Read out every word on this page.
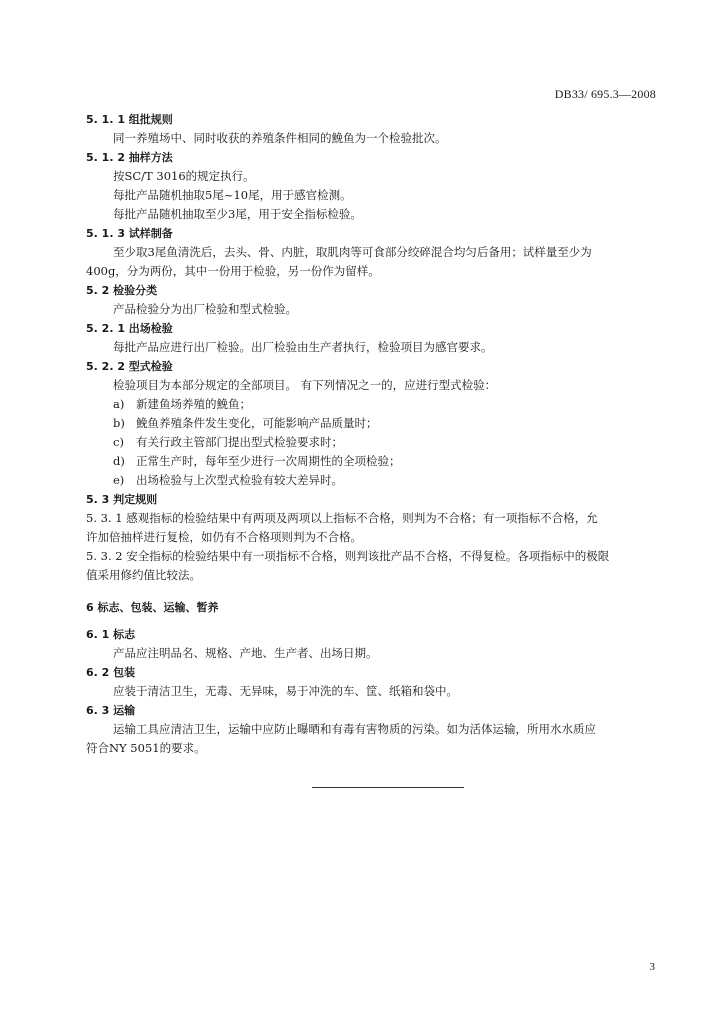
DB33/ 695.3—2008
5. 1. 1 组批规则
同一养殖场中、同时收获的养殖条件相同的鮸鱼为一个检验批次。
5. 1. 2 抽样方法
按SC/T 3016的规定执行。
每批产品随机抽取5尾~10尾，用于感官检测。
每批产品随机抽取至少3尾，用于安全指标检验。
5. 1. 3 试样制备
至少取3尾鱼清洗后，去头、骨、内脏，取肌肉等可食部分绞碎混合均匀后备用；试样量至少为
400g，分为两份，其中一份用于检验，另一份作为留样。
5. 2 检验分类
产品检验分为出厂检验和型式检验。
5. 2. 1 出场检验
每批产品应进行出厂检验。出厂检验由生产者执行，检验项目为感官要求。
5. 2. 2 型式检验
检验项目为本部分规定的全部项目。 有下列情况之一的，应进行型式检验：
a)	新建鱼场养殖的鮸鱼；
b) 鮸鱼养殖条件发生变化，可能影响产品质量时；
c)	有关行政主管部门提出型式检验要求时；
d) 正常生产时，每年至少进行一次周期性的全项检验；
e)	出场检验与上次型式检验有较大差异时。
5. 3 判定规则
5. 3. 1 感观指标的检验结果中有两项及两项以上指标不合格，则判为不合格；有一项指标不合格，允
许加倍抽样进行复检，如仍有不合格项则判为不合格。
5. 3. 2 安全指标的检验结果中有一项指标不合格，则判该批产品不合格，不得复检。各项指标中的极限
值采用修约值比较法。
6 标志、包装、运输、暂养
6. 1 标志
产品应注明品名、规格、产地、生产者、出场日期。
6. 2 包装
应装于清洁卫生，无毒、无异味，易于冲洗的车、筐、纸箱和袋中。
6. 3 运输
运输工具应清洁卫生，运输中应防止曝晒和有毒有害物质的污染。如为活体运输，所用水水质应
符合NY 5051的要求。
3
